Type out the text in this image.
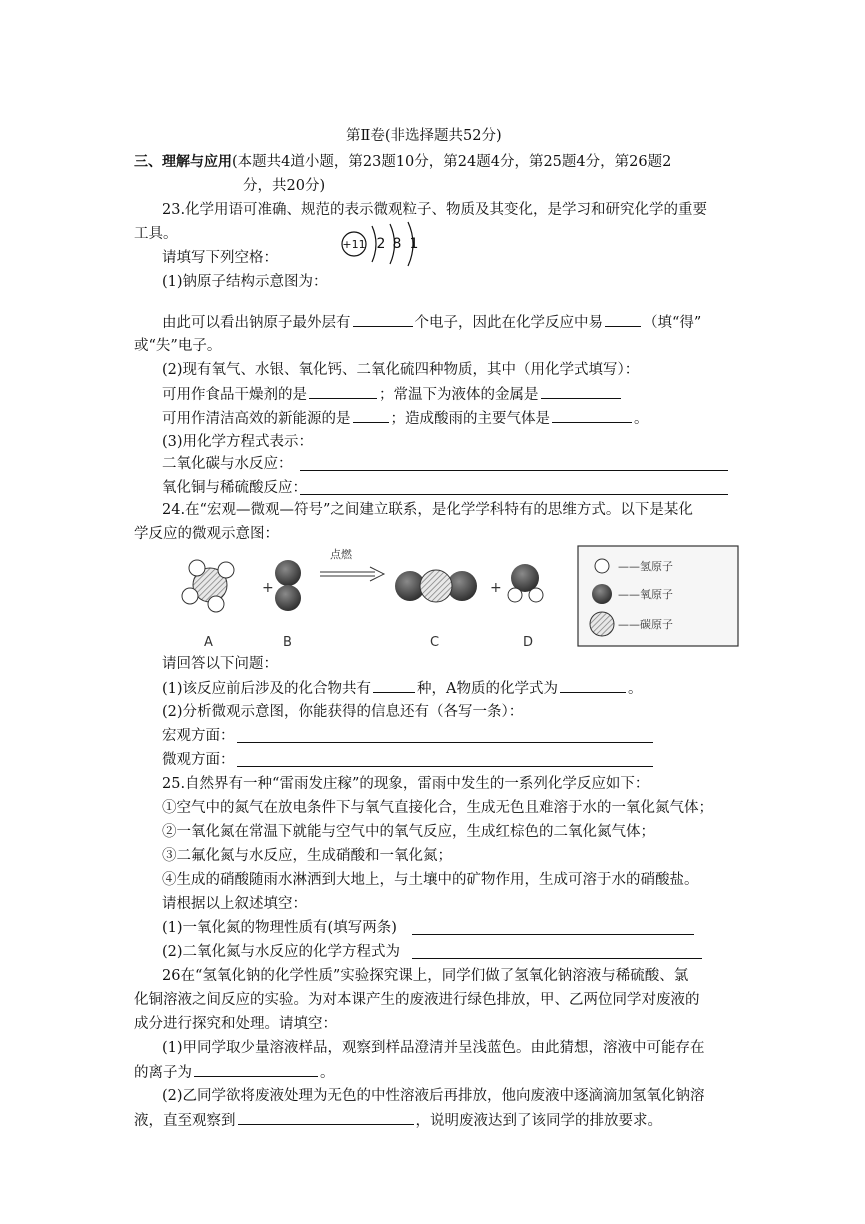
第Ⅱ卷(非选择题共52分)
三、理解与应用(本题共4道小题，第23题10分，第24题4分，第25题4分，第26题2
分，共20分)
23.化学用语可准确、规范的表示微观粒子、物质及其变化，是学习和研究化学的重要
工具。
请填写下列空格：
(1)钠原子结构示意图为：
+11 2 8 1
由此可以看出钠原子最外层有	个电子，因此在化学反应中易	（填“得”
或“失”电子。
(2)现有氧气、水银、氧化钙、二氧化硫四种物质，其中（用化学式填写）：
可用作食品干燥剂的是	；常温下为液体的金属是
可用作清洁高效的新能源的是	；造成酸雨的主要气体是	。
(3)用化学方程式表示：
二氧化碳与水反应：
氧化铜与稀硫酸反应：
24.在“宏观—微观—符号”之间建立联系，是化学学科特有的思维方式。以下是某化
学反应的微观示意图：
+
点燃
+
A	B	C	D
——氢原子
——氧原子
——碳原子
请回答以下问题：
(1)该反应前后涉及的化合物共有	种，A物质的化学式为	。
(2)分析微观示意图，你能获得的信息还有（各写一条）：
宏观方面：
微观方面：
25.自然界有一种“雷雨发庄稼”的现象，雷雨中发生的一系列化学反应如下：
①空气中的氮气在放电条件下与氧气直接化合，生成无色且难溶于水的一氧化氮气体；
②一氧化氮在常温下就能与空气中的氧气反应，生成红棕色的二氧化氮气体；
③二氟化氮与水反应，生成硝酸和一氧化氮；
④生成的硝酸随雨水淋洒到大地上，与土壤中的矿物作用，生成可溶于水的硝酸盐。
请根据以上叙述填空：
(1)一氧化氮的物理性质有(填写两条)
(2)二氧化氮与水反应的化学方程式为
26在“氢氧化钠的化学性质”实验探究课上，同学们做了氢氧化钠溶液与稀硫酸、氯
化铜溶液之间反应的实验。为对本课产生的废液进行绿色排放，甲、乙两位同学对废液的
成分进行探究和处理。请填空：
(1)甲同学取少量溶液样品，观察到样品澄清并呈浅蓝色。由此猜想，溶液中可能存在
的离子为	。
(2)乙同学欲将废液处理为无色的中性溶液后再排放，他向废液中逐滴滴加氢氧化钠溶
液，直至观察到	，说明废液达到了该同学的排放要求。
